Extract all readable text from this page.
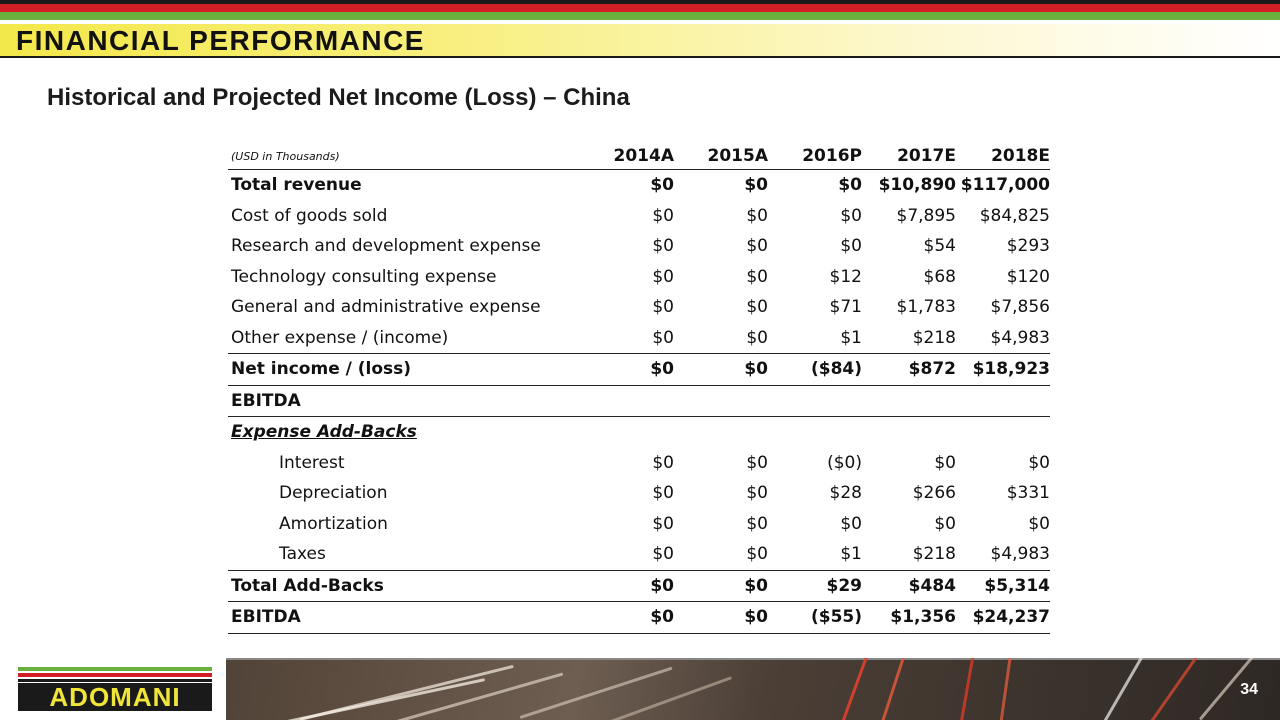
FINANCIAL PERFORMANCE
Historical and Projected Net Income (Loss) – China
(USD in Thousands)	2014A	2015A	2016P	2017E	2018E
Total revenue	$0	$0	$0	$10,890	$117,000
Cost of goods sold	$0	$0	$0	$7,895	$84,825
Research and development expense	$0	$0	$0	$54	$293
Technology consulting expense	$0	$0	$12	$68	$120
General and administrative expense	$0	$0	$71	$1,783	$7,856
Other expense / (income)	$0	$0	$1	$218	$4,983
Net income / (loss)	$0	$0	($84)	$872	$18,923
EBITDA					
Expense Add-Backs					
Interest	$0	$0	($0)	$0	$0
Depreciation	$0	$0	$28	$266	$331
Amortization	$0	$0	$0	$0	$0
Taxes	$0	$0	$1	$218	$4,983
Total Add-Backs	$0	$0	$29	$484	$5,314
EBITDA	$0	$0	($55)	$1,356	$24,237
ADOMANI	34
